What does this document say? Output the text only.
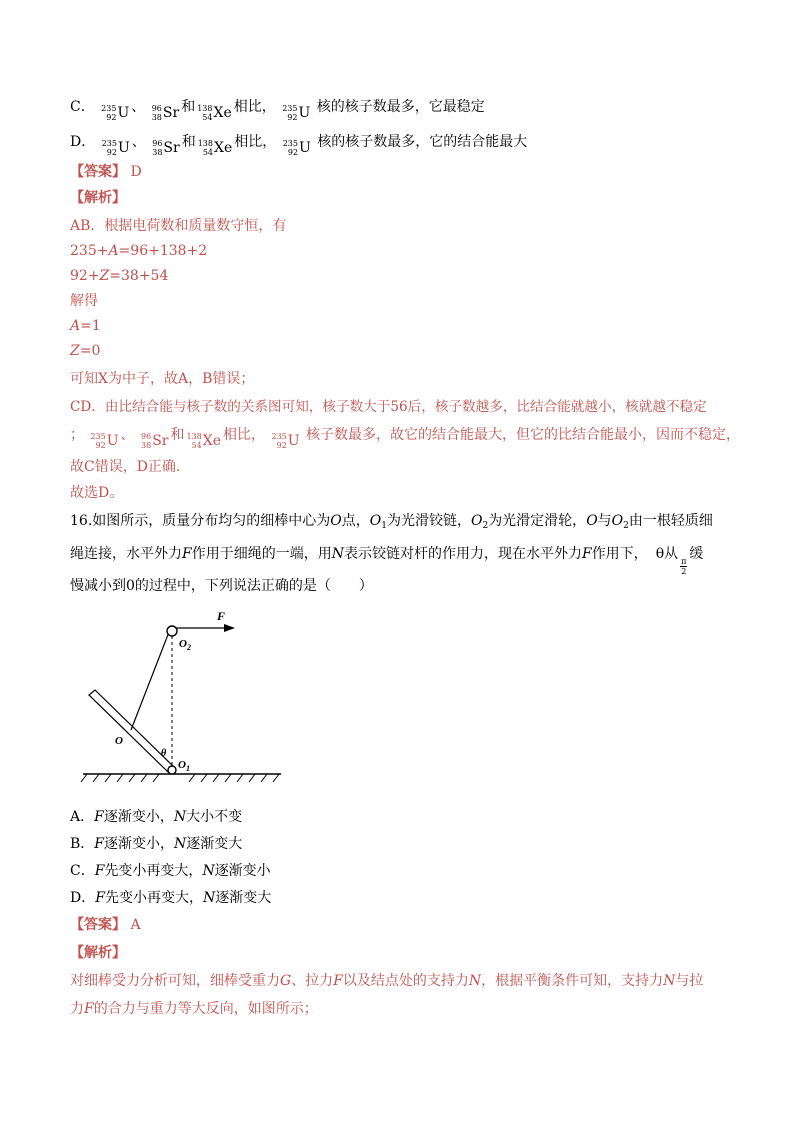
C． 235
92 U 、 96
38 Sr 和 138
54 Xe 相比， 235
92 U 核的核子数最多，它最稳定
D． 235
92 U 、 96
38 Sr 和 138
54 Xe 相比， 235
92 U 核的核子数最多，它的结合能最大
【答案】 D
【解析】
AB．根据电荷数和质量数守恒，有
235+A=96+138+2
92+Z=38+54
解得
A=1
Z=0
可知X为中子，故A，B错误；
CD．由比结合能与核子数的关系图可知，核子数大于56后，核子数越多，比结合能就越小，核就越不稳定
； 235
92 U 、 96
38 Sr 和 138
54 Xe 相比， 235
92 U 核子数最多，故它的结合能最大，但它的比结合能最小，因而不稳定，
故C错误，D正确.
故选D。
16.如图所示，质量分布均匀的细棒中心为O点，$O_1$为光滑铰链，$O_2$为光滑定滑轮，O与$O_2$由一根轻质细
绳连接，水平外力F作用于细绳的一端，用N表示铰链对杆的作用力，现在水平外力F作用下， θ从
$\frac{\pi}{2}$
缓
慢减小到0的过程中，下列说法正确的是（　　）
F
$O_2$
O
θ
$O_1$
A．F逐渐变小，N大小不变
B．F逐渐变小，N逐渐变大
C．F先变小再变大，N逐渐变小
D．F先变小再变大，N逐渐变大
【答案】 A
【解析】
对细棒受力分析可知，细棒受重力G、拉力F以及结点处的支持力N，根据平衡条件可知，支持力N与拉
力F的合力与重力等大反向，如图所示；
